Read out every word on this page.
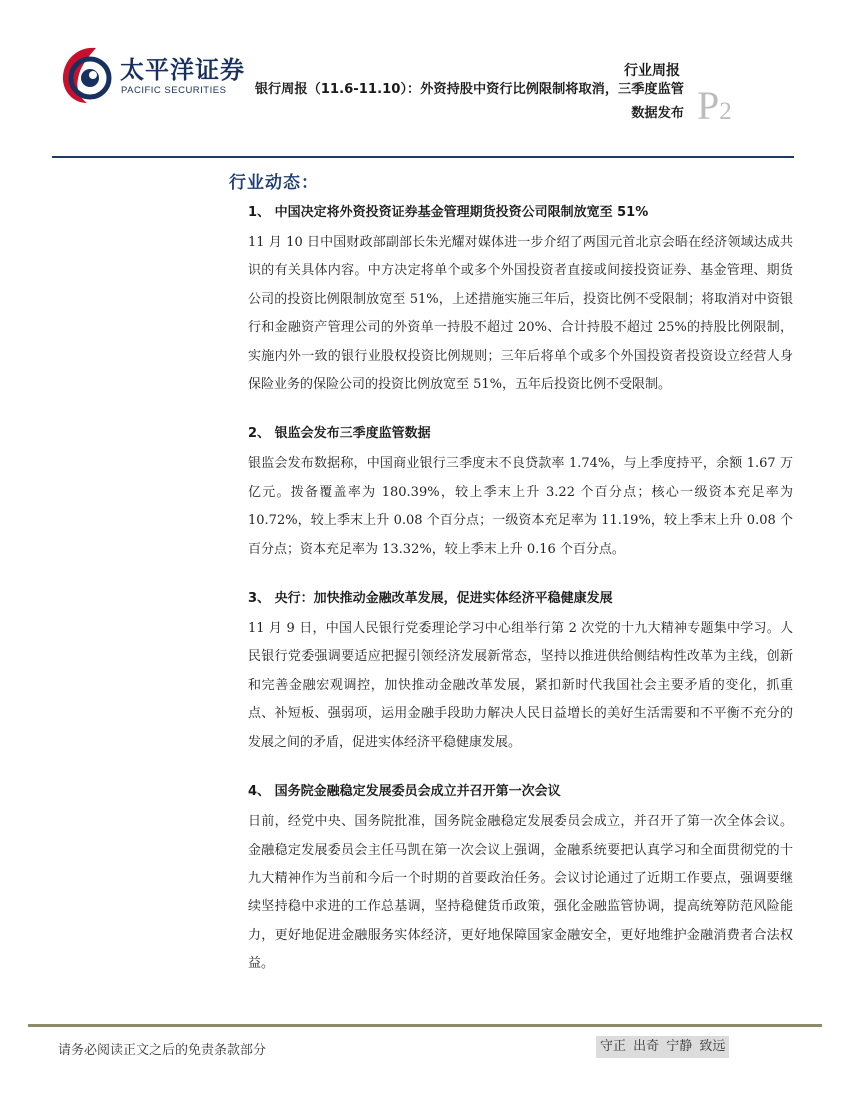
太平洋证券
PACIFIC SECURITIES
行业周报
银行周报（11.6-11.10）：外资持股中资行比例限制将取消，三季度监管数据发布 P2
行业动态：
1、 中国决定将外资投资证券基金管理期货投资公司限制放宽至 51%
11 月 10 日中国财政部副部长朱光耀对媒体进一步介绍了两国元首北京会晤在经济领域达成共识的有关具体内容。中方决定将单个或多个外国投资者直接或间接投资证券、基金管理、期货公司的投资比例限制放宽至 51%，上述措施实施三年后，投资比例不受限制；将取消对中资银行和金融资产管理公司的外资单一持股不超过 20%、合计持股不超过 25%的持股比例限制，实施内外一致的银行业股权投资比例规则；三年后将单个或多个外国投资者投资设立经营人身保险业务的保险公司的投资比例放宽至 51%，五年后投资比例不受限制。
2、 银监会发布三季度监管数据
银监会发布数据称，中国商业银行三季度末不良贷款率 1.74%，与上季度持平，余额 1.67 万亿元。拨备覆盖率为 180.39%，较上季末上升 3.22 个百分点；核心一级资本充足率为 10.72%，较上季末上升 0.08 个百分点；一级资本充足率为 11.19%，较上季末上升 0.08 个百分点；资本充足率为 13.32%，较上季末上升 0.16 个百分点。
3、 央行：加快推动金融改革发展，促进实体经济平稳健康发展
11 月 9 日，中国人民银行党委理论学习中心组举行第 2 次党的十九大精神专题集中学习。人民银行党委强调要适应把握引领经济发展新常态，坚持以推进供给侧结构性改革为主线，创新和完善金融宏观调控，加快推动金融改革发展，紧扣新时代我国社会主要矛盾的变化，抓重点、补短板、强弱项，运用金融手段助力解决人民日益增长的美好生活需要和不平衡不充分的发展之间的矛盾，促进实体经济平稳健康发展。
4、 国务院金融稳定发展委员会成立并召开第一次会议
日前，经党中央、国务院批准，国务院金融稳定发展委员会成立，并召开了第一次全体会议。金融稳定发展委员会主任马凯在第一次会议上强调，金融系统要把认真学习和全面贯彻党的十九大精神作为当前和今后一个时期的首要政治任务。会议讨论通过了近期工作要点，强调要继续坚持稳中求进的工作总基调，坚持稳健货币政策，强化金融监管协调，提高统筹防范风险能力，更好地促进金融服务实体经济，更好地保障国家金融安全，更好地维护金融消费者合法权益。
请务必阅读正文之后的免责条款部分	守正 出奇 宁静 致远
